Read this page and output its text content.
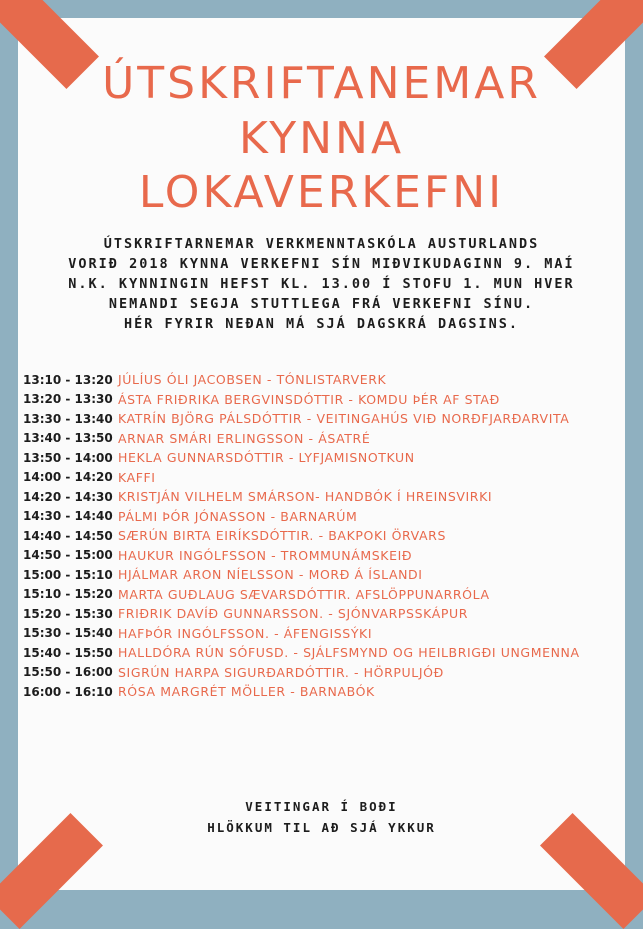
ÚTSKRIFTANEMAR
KYNNA
LOKAVERKEFNI
ÚTSKRIFTARNEMAR VERKMENNTASKÓLA AUSTURLANDS
VORIÐ 2018 KYNNA VERKEFNI SÍN MIÐVIKUDAGINN 9. MAÍ
N.K. KYNNINGIN HEFST KL. 13.00 Í STOFU 1. MUN HVER
NEMANDI SEGJA STUTTLEGA FRÁ VERKEFNI SÍNU.
HÉR FYRIR NEÐAN MÁ SJÁ DAGSKRÁ DAGSINS.
13:10 - 13:20 JÚLÍUS ÓLI JACOBSEN - TÓNLISTARVERK
13:20 - 13:30 ÁSTA FRIÐRIKA BERGVINSDÓTTIR - KOMDU ÞÉR AF STAÐ
13:30 - 13:40 KATRÍN BJÖRG PÁLSDÓTTIR - VEITINGAHÚS VIÐ NORÐFJARÐARVITA
13:40 - 13:50 ARNAR SMÁRI ERLINGSSON - ÁSATRÉ
13:50 - 14:00 HEKLA GUNNARSDÓTTIR - LYFJAMISNOTKUN
14:00 - 14:20 KAFFI
14:20 - 14:30 KRISTJÁN VILHELM SMÁRSON- HANDBÓK Í HREINSVIRKI
14:30 - 14:40 PÁLMI ÞÓR JÓNASSON - BARNARÚM
14:40 - 14:50 SÆRÚN BIRTA EIRÍKSDÓTTIR. - BAKPOKI ÖRVARS
14:50 - 15:00 HAUKUR INGÓLFSSON - TROMMUNÁMSKEIÐ
15:00 - 15:10 HJÁLMAR ARON NÍELSSON - MORÐ Á ÍSLANDI
15:10 - 15:20 MARTA GUÐLAUG SÆVARSDÓTTIR. AFSLÖPPUNARRÓLA
15:20 - 15:30 FRIÐRIK DAVÍÐ GUNNARSSON. - SJÓNVARPSSKÁPUR
15:30 - 15:40 HAFÞÓR INGÓLFSSON. - ÁFENGISSÝKI
15:40 - 15:50 HALLDÓRA RÚN SÓFUSD. - SJÁLFSMYND OG HEILBRIGÐI UNGMENNA
15:50 - 16:00 SIGRÚN HARPA SIGURÐARDÓTTIR. - HÖRPULJÓÐ
16:00 - 16:10 RÓSA MARGRÉT MÖLLER - BARNABÓK
VEITINGAR Í BOÐI
HLÖKKUM TIL AÐ SJÁ YKKUR
